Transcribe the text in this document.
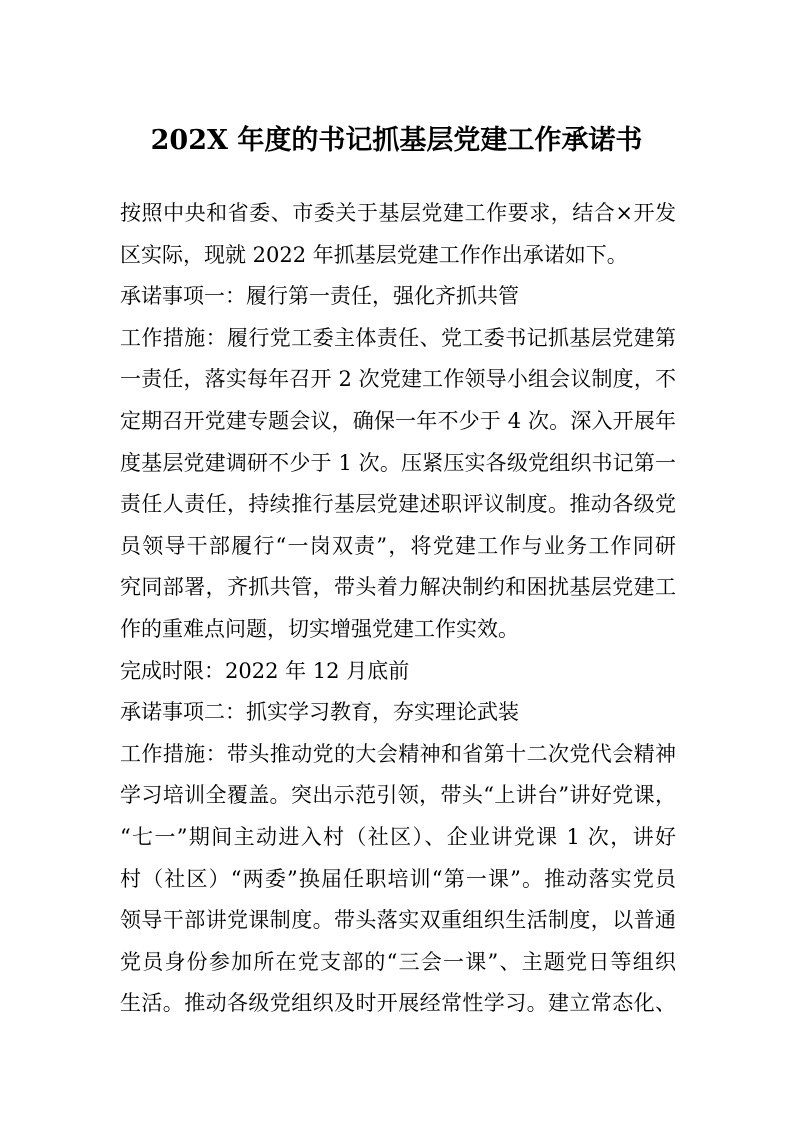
202X 年度的书记抓基层党建工作承诺书
按照中央和省委、市委关于基层党建工作要求，结合×开发
区实际，现就 2022 年抓基层党建工作作出承诺如下。
承诺事项一：履行第一责任，强化齐抓共管
工作措施：履行党工委主体责任、党工委书记抓基层党建第
一责任，落实每年召开 2 次党建工作领导小组会议制度，不
定期召开党建专题会议，确保一年不少于 4 次。深入开展年
度基层党建调研不少于 1 次。压紧压实各级党组织书记第一
责任人责任，持续推行基层党建述职评议制度。推动各级党
员领导干部履行“一岗双责”，将党建工作与业务工作同研
究同部署，齐抓共管，带头着力解决制约和困扰基层党建工
作的重难点问题，切实增强党建工作实效。
完成时限：2022 年 12 月底前
承诺事项二：抓实学习教育，夯实理论武装
工作措施：带头推动党的大会精神和省第十二次党代会精神
学习培训全覆盖。突出示范引领，带头“上讲台”讲好党课，
“七一”期间主动进入村（社区）、企业讲党课 1 次，讲好
村（社区）“两委”换届任职培训“第一课”。推动落实党员
领导干部讲党课制度。带头落实双重组织生活制度，以普通
党员身份参加所在党支部的“三会一课”、主题党日等组织
生活。推动各级党组织及时开展经常性学习。建立常态化、
